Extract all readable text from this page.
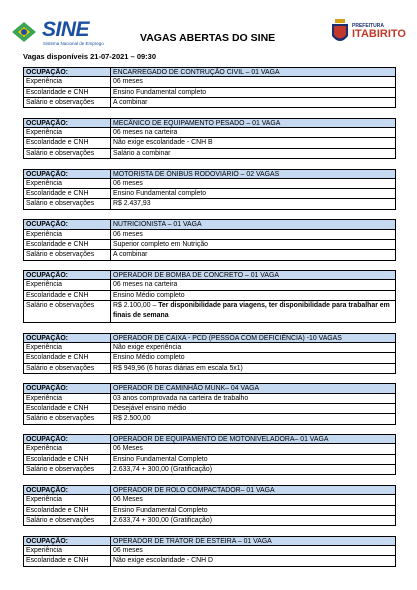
SINE
Sistema Nacional de Emprego	VAGAS ABERTAS DO SINE
PREFEITURA
ITABIRITO
Vagas disponíveis 21-07-2021 – 09:30
OCUPAÇÃO:	ENCARREGADO DE CONTRUÇÃO CIVIL – 01 VAGA
Experiência	06 meses
Escolaridade e CNH	Ensino Fundamental completo
Salário e observações	A combinar
OCUPAÇÃO:	MECÂNICO DE EQUIPAMENTO PESADO – 01 VAGA
Experiência	06 meses na carteira
Escolaridade e CNH	Não exige escolaridade - CNH B
Salário e observações	Salário a combinar
OCUPAÇÃO:	MOTORISTA DE ÔNIBUS RODOVIÁRIO – 02 VAGAS
Experiência	06 meses
Escolaridade e CNH	Ensino Fundamental completo
Salário e observações	R$ 2.437,93
OCUPAÇÃO:	NUTRICIONISTA – 01 VAGA
Experiência	06 meses
Escolaridade e CNH	Superior completo em Nutrição
Salário e observações	A combinar
OCUPAÇÃO:	OPERADOR DE BOMBA DE CONCRETO – 01 VAGA
Experiência	06 meses na carteira
Escolaridade e CNH	Ensino Médio completo
Salário e observações	R$ 2.100,00 – Ter disponibilidade para viagens, ter disponibilidade para trabalhar em finais de semana
OCUPAÇÃO:	OPERADOR DE CAIXA - PCD (PESSOA COM DEFICIÊNCIA) -10 VAGAS
Experiência	Não exige experiência
Escolaridade e CNH	Ensino Médio completo
Salário e observações	R$ 949,96 (6 horas diárias em escala 5x1)
OCUPAÇÃO:	OPERADOR DE CAMINHÃO MUNK– 04 VAGA
Experiência	03 anos comprovada na carteira de trabalho
Escolaridade e CNH	Desejável ensino médio
Salário e observações	R$ 2.500,00
OCUPAÇÃO:	OPERADOR DE EQUIPAMENTO DE MOTONIVELADORA– 01 VAGA
Experiência	06 Meses
Escolaridade e CNH	Ensino Fundamental Completo
Salário e observações	2.633,74 + 300,00 (Gratificação)
OCUPAÇÃO:	OPERADOR DE ROLO COMPACTADOR– 01 VAGA
Experiência	06 Meses
Escolaridade e CNH	Ensino Fundamental Completo
Salário e observações	2.633,74 + 300,00 (Gratificação)
OCUPAÇÃO:	OPERADOR DE TRATOR DE ESTEIRA – 01 VAGA
Experiência	06 meses
Escolaridade e CNH	Não exige escolaridade - CNH D
